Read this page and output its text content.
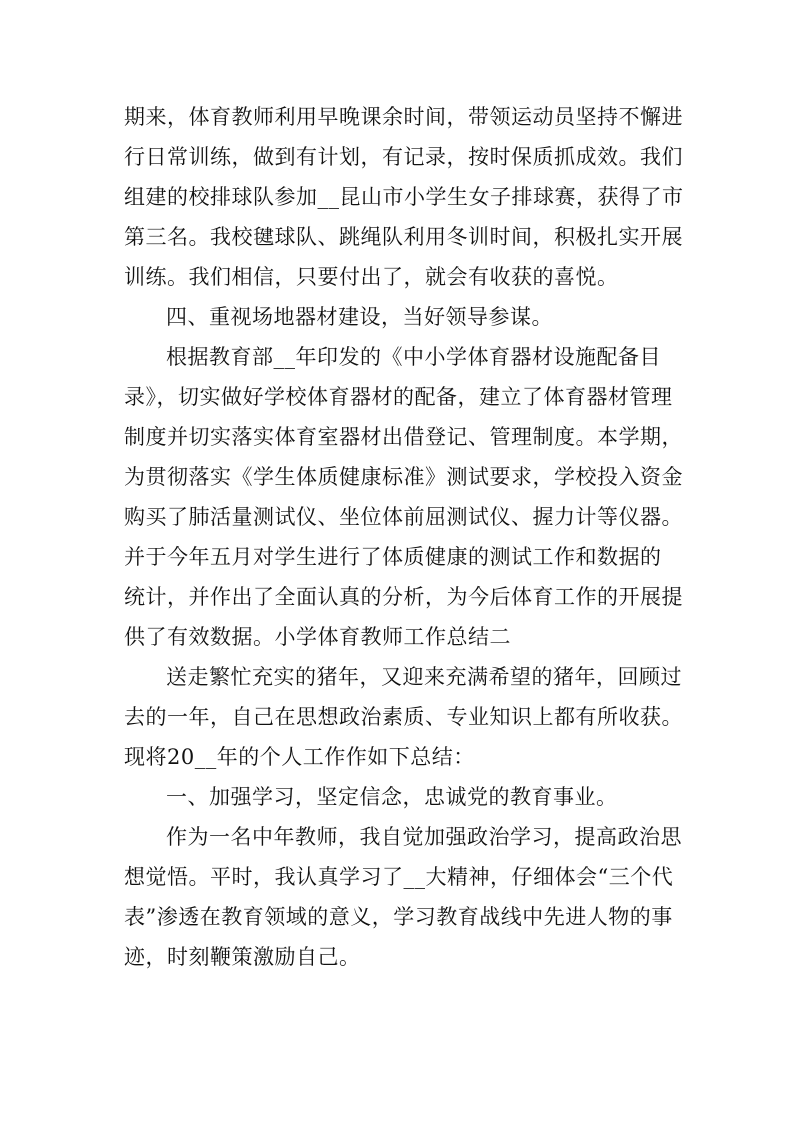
期来，体育教师利用早晚课余时间，带领运动员坚持不懈进
行日常训练，做到有计划，有记录，按时保质抓成效。我们
组建的校排球队参加__昆山市小学生女子排球赛，获得了市
第三名。我校毽球队、跳绳队利用冬训时间，积极扎实开展
训练。我们相信，只要付出了，就会有收获的喜悦。
四、重视场地器材建设，当好领导参谋。
根据教育部__年印发的《中小学体育器材设施配备目
录》，切实做好学校体育器材的配备，建立了体育器材管理
制度并切实落实体育室器材出借登记、管理制度。本学期，
为贯彻落实《学生体质健康标准》测试要求，学校投入资金
购买了肺活量测试仪、坐位体前屈测试仪、握力计等仪器。
并于今年五月对学生进行了体质健康的测试工作和数据的
统计，并作出了全面认真的分析，为今后体育工作的开展提
供了有效数据。小学体育教师工作总结二
送走繁忙充实的猪年，又迎来充满希望的猪年，回顾过
去的一年，自己在思想政治素质、专业知识上都有所收获。
现将20__年的个人工作作如下总结：
一、加强学习，坚定信念，忠诚党的教育事业。
作为一名中年教师，我自觉加强政治学习，提高政治思
想觉悟。平时，我认真学习了__大精神，仔细体会“三个代
表”渗透在教育领域的意义，学习教育战线中先进人物的事
迹，时刻鞭策激励自己。
